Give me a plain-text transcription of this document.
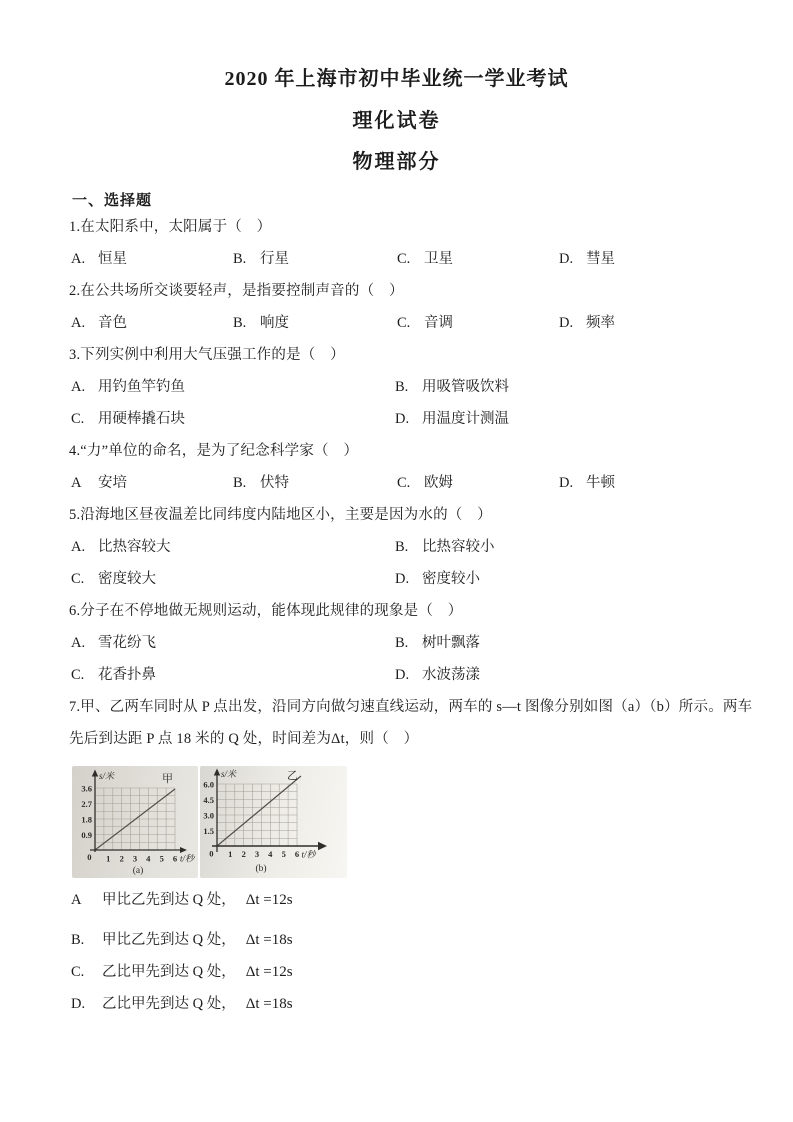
2020 年上海市初中毕业统一学业考试
理化试卷
物理部分
一、选择题
1.在太阳系中，太阳属于（　）
A. 恒星	B. 行星	C. 卫星	D. 彗星
2.在公共场所交谈要轻声，是指要控制声音的（　）
A. 音色	B. 响度	C. 音调	D. 频率
3.下列实例中利用大气压强工作的是（　）
A. 用钓鱼竿钓鱼	B. 用吸管吸饮料
C. 用硬棒撬石块	D. 用温度计测温
4.“力”单位的命名，是为了纪念科学家（　）
A	安培	B. 伏特	C. 欧姆	D. 牛顿
5.沿海地区昼夜温差比同纬度内陆地区小，主要是因为水的（　）
A. 比热容较大	B. 比热容较小
C. 密度较大	D. 密度较小
6.分子在不停地做无规则运动，能体现此规律的现象是（　）
A. 雪花纷飞	B. 树叶飘落
C. 花香扑鼻	D. 水波荡漾
7.甲、乙两车同时从 P 点出发，沿同方向做匀速直线运动，两车的 s—t 图像分别如图（a）（b）所示。两车
先后到达距 P 点 18 米的 Q 处，时间差为Δt，则（　）
s/米	甲
3.6
2.7
1.8
0.9
0 1 2 3 4 5 6 t/秒
(a)
s/米	乙
6.0
4.5
3.0
1.5
0 1 2 3 4 5 6 t/秒
(b)
A	甲比乙先到达 Q 处， Δt =12s
B.	甲比乙先到达 Q 处， Δt =18s
C.	乙比甲先到达 Q 处， Δt =12s
D.	乙比甲先到达 Q 处， Δt =18s
